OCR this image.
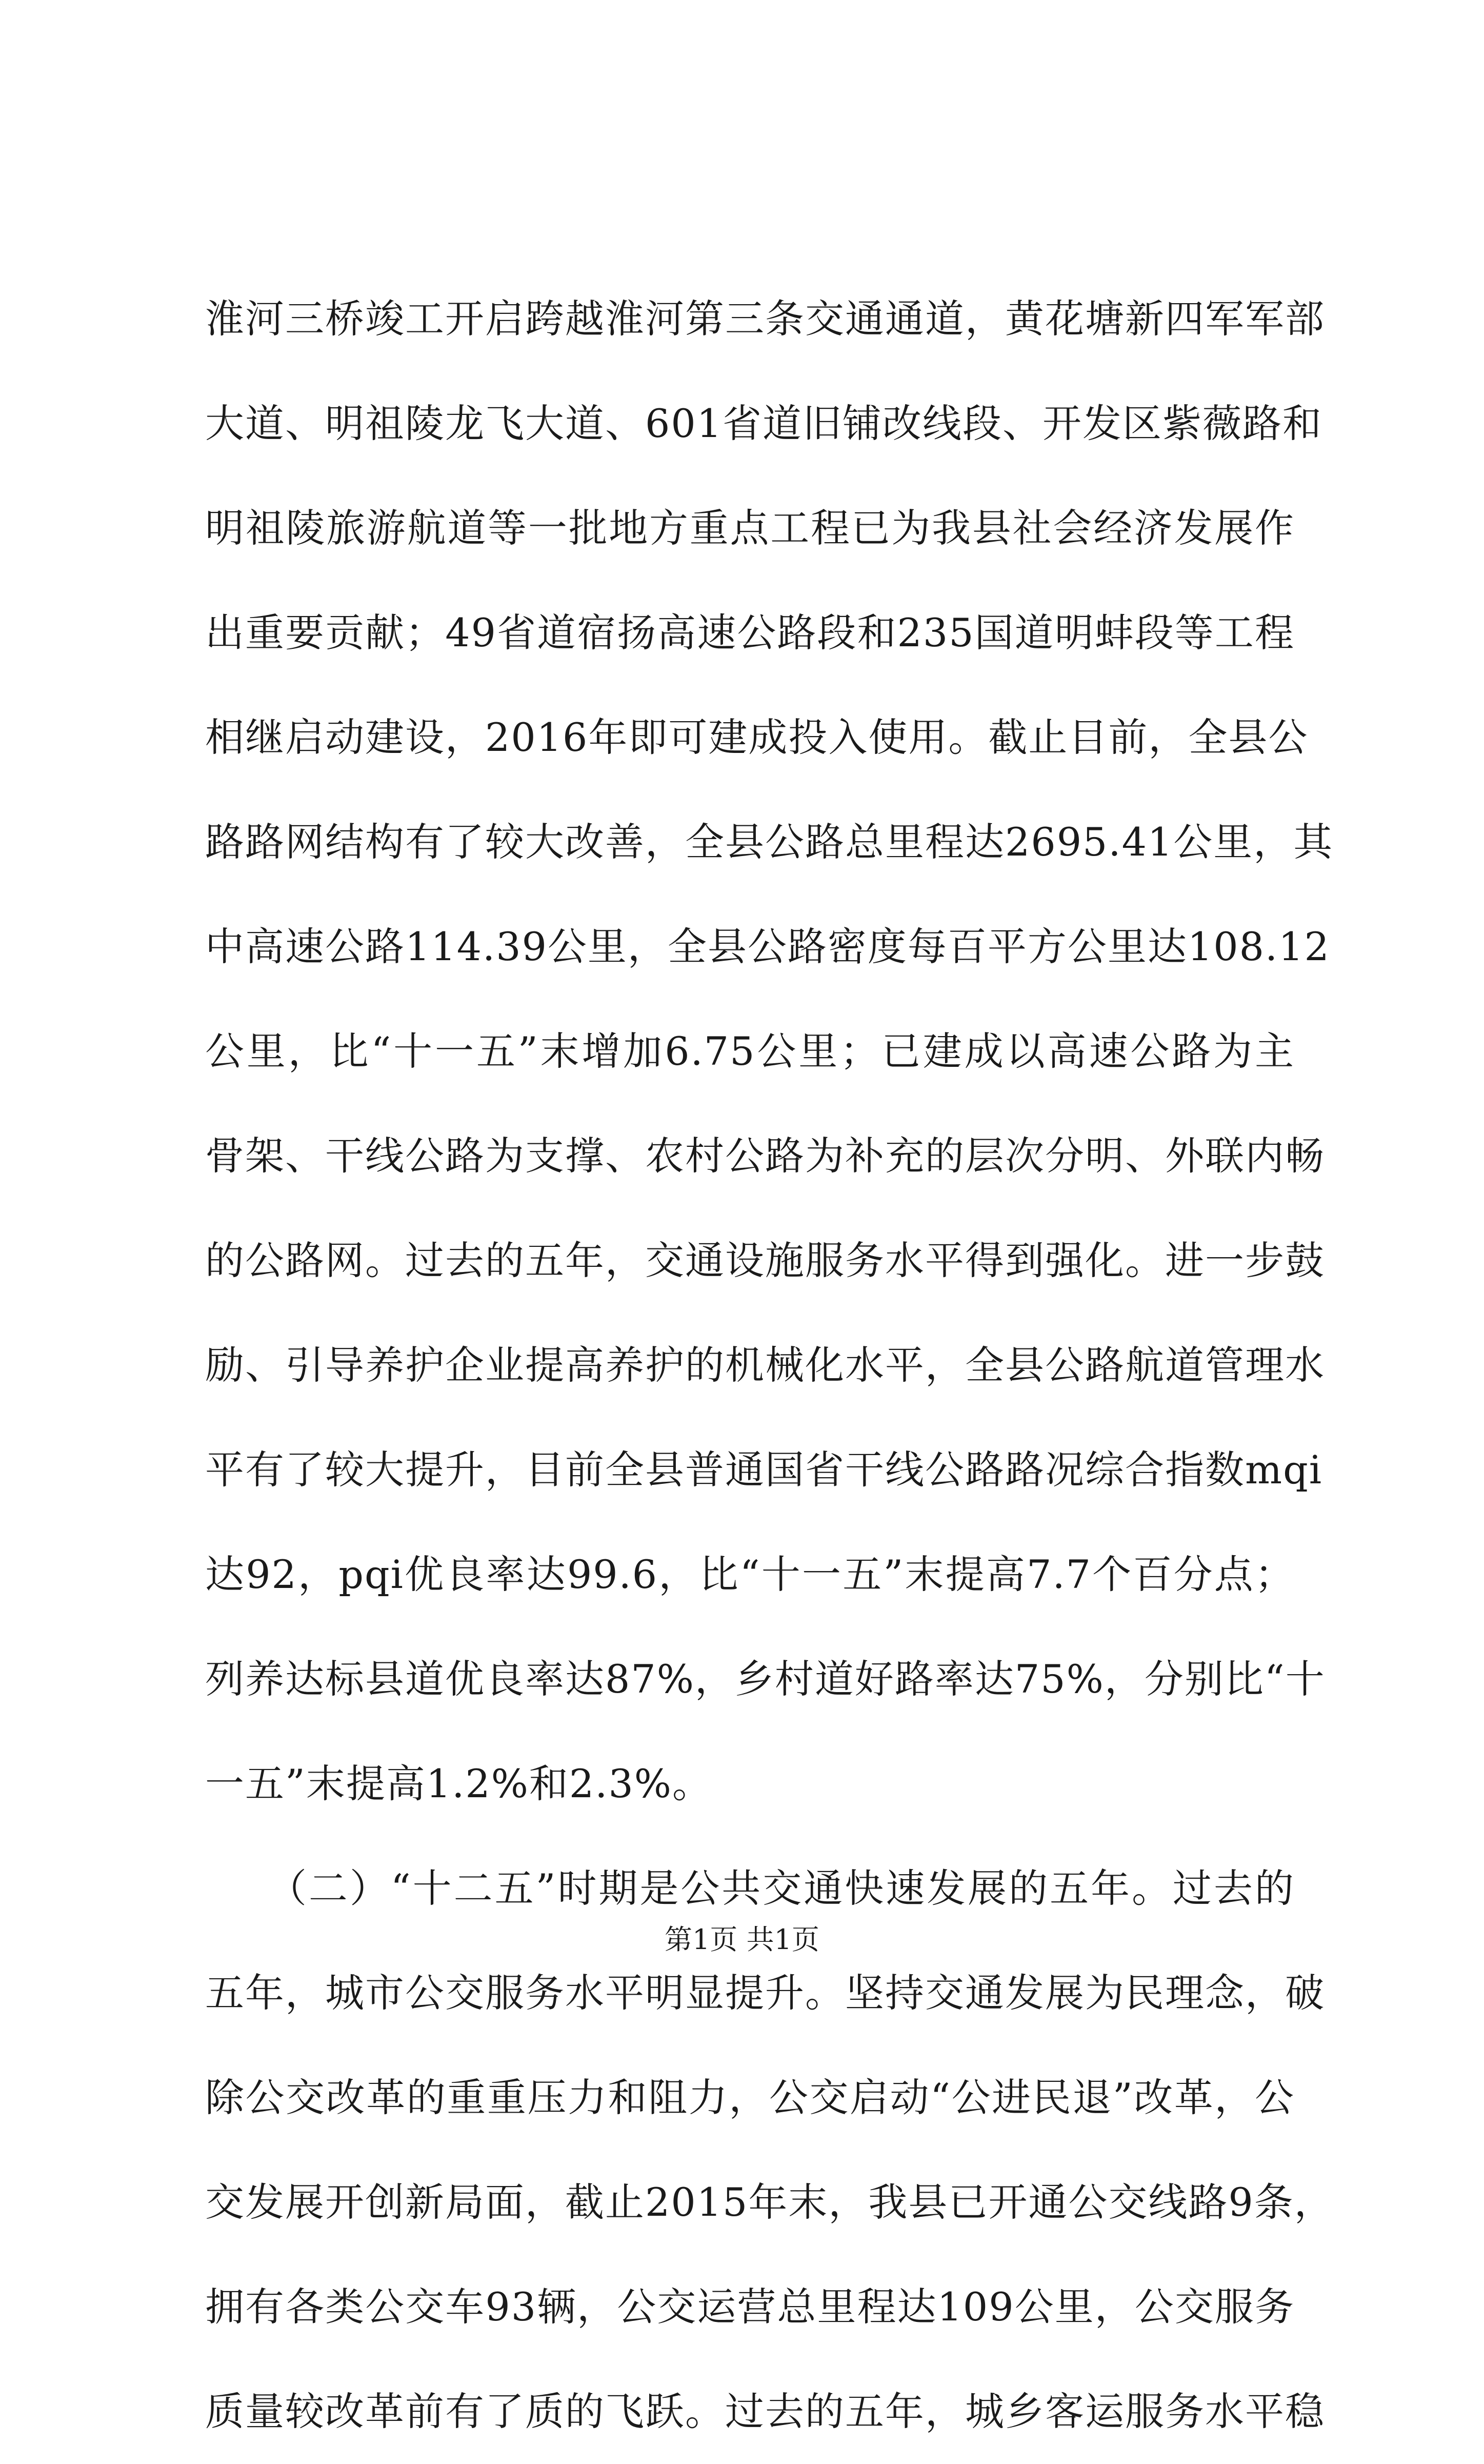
淮河三桥竣工开启跨越淮河第三条交通通道，黄花塘新四军军部
大道、明祖陵龙飞大道、601省道旧铺改线段、开发区紫薇路和
明祖陵旅游航道等一批地方重点工程已为我县社会经济发展作
出重要贡献；49省道宿扬高速公路段和235国道明蚌段等工程
相继启动建设，2016年即可建成投入使用。截止目前，全县公
路路网结构有了较大改善，全县公路总里程达2695.41公里，其
中高速公路114.39公里，全县公路密度每百平方公里达108.12
公里，比“十一五”末增加6.75公里；已建成以高速公路为主
骨架、干线公路为支撑、农村公路为补充的层次分明、外联内畅
的公路网。过去的五年，交通设施服务水平得到强化。进一步鼓
励、引导养护企业提高养护的机械化水平，全县公路航道管理水
平有了较大提升，目前全县普通国省干线公路路况综合指数mqi
达92，pqi优良率达99.6，比“十一五”末提高7.7个百分点；
列养达标县道优良率达87%，乡村道好路率达75%，分别比“十
一五”末提高1.2%和2.3%。
　　（二）“十二五”时期是公共交通快速发展的五年。过去的
五年，城市公交服务水平明显提升。坚持交通发展为民理念，破
除公交改革的重重压力和阻力，公交启动“公进民退”改革，公
交发展开创新局面，截止2015年末，我县已开通公交线路9条，
拥有各类公交车93辆，公交运营总里程达109公里，公交服务
质量较改革前有了质的飞跃。过去的五年，城乡客运服务水平稳
第1页 共1页
